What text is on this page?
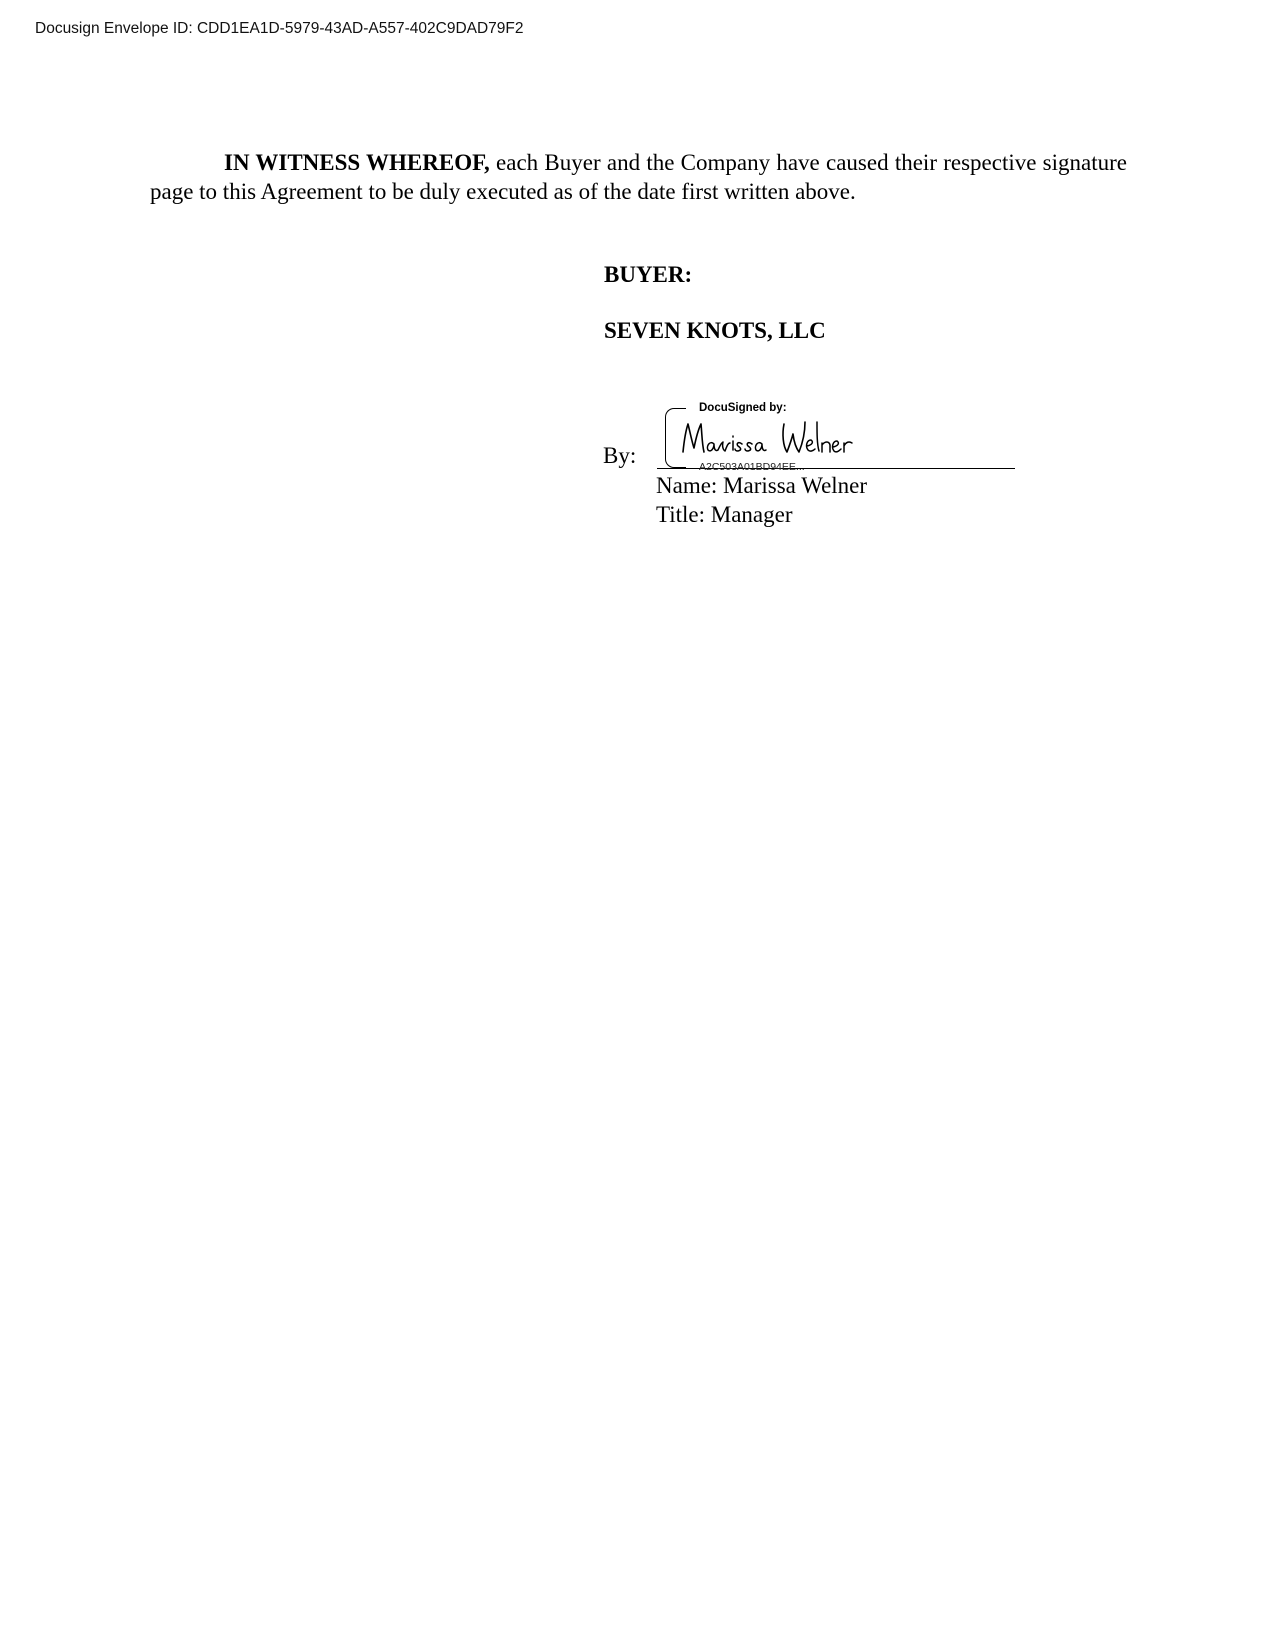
Docusign Envelope ID: CDD1EA1D-5979-43AD-A557-402C9DAD79F2

IN WITNESS WHEREOF, each Buyer and the Company have caused their respective signature page to this Agreement to be duly executed as of the date first written above.

BUYER:
SEVEN KNOTS, LLC
By:
DocuSigned by:
A2C503A01BD94EE...
Name: Marissa Welner
Title: Manager
